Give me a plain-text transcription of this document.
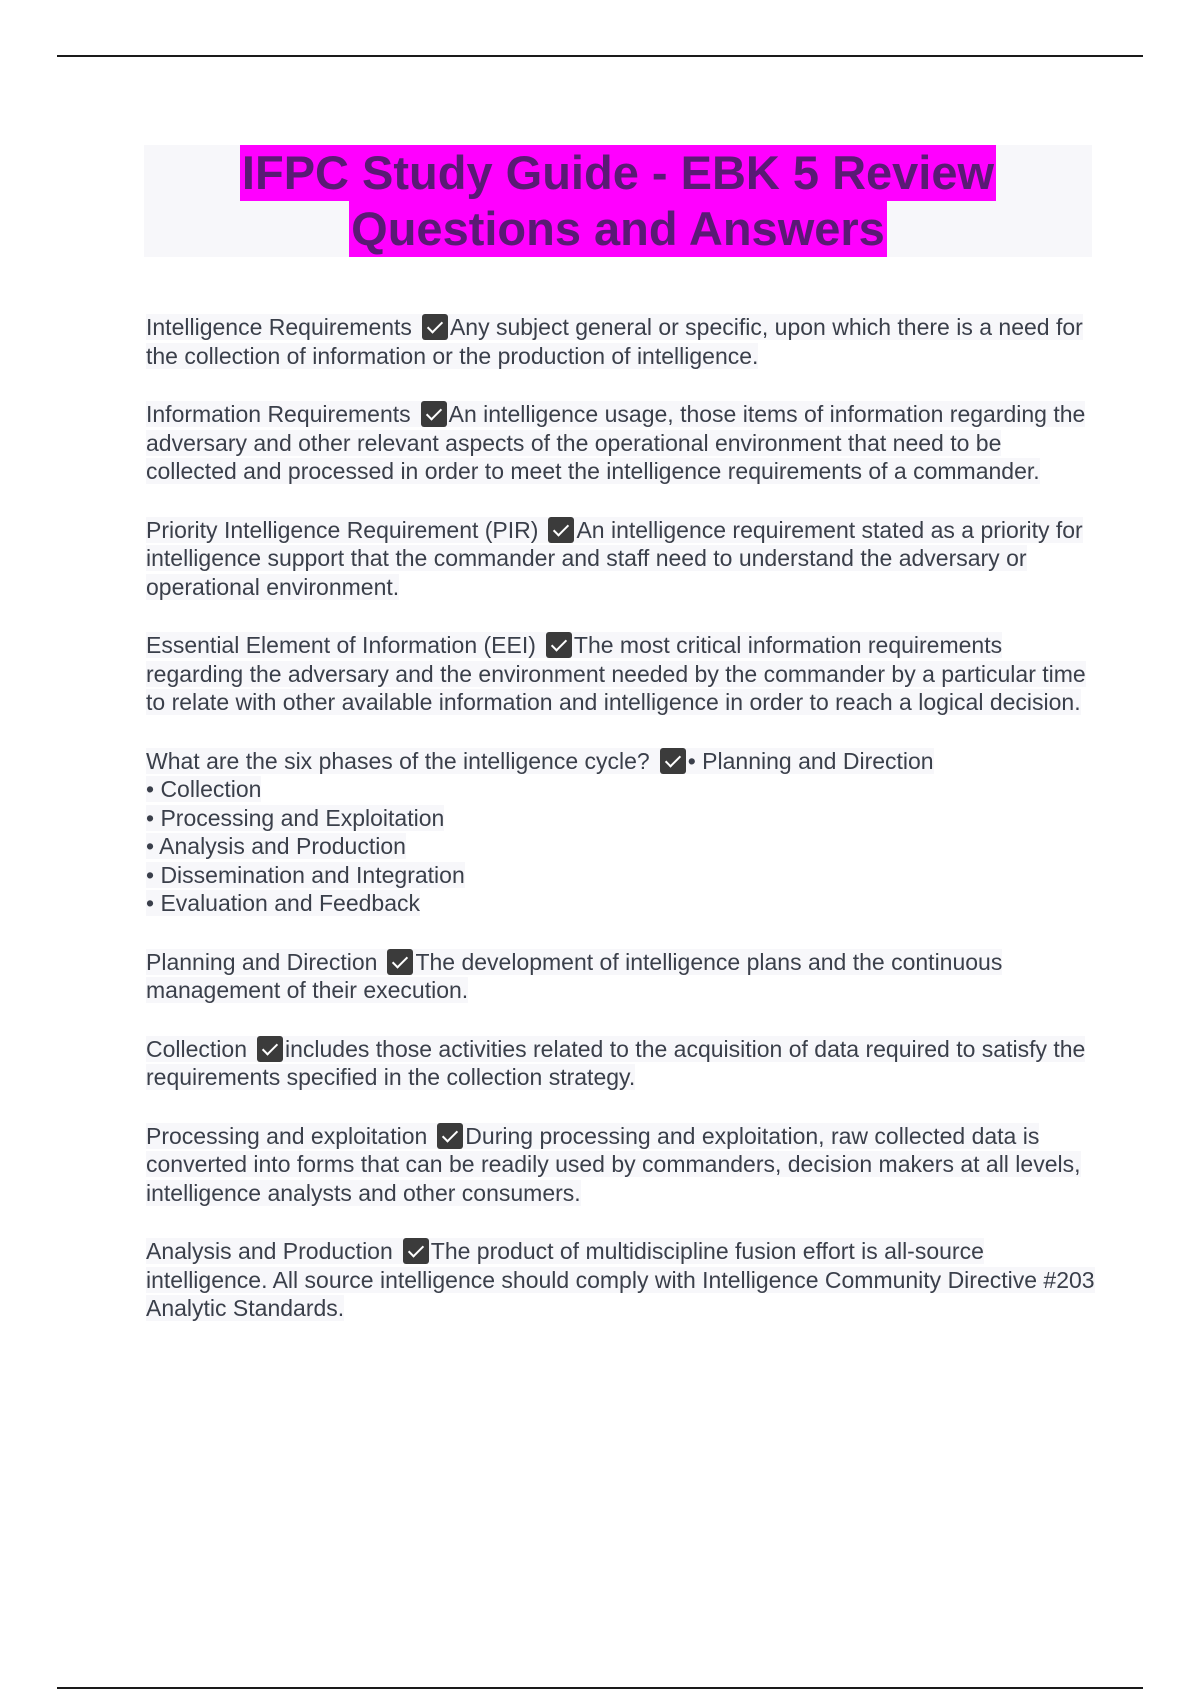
IFPC Study Guide - EBK 5 Review
Questions and Answers

Intelligence Requirements Any subject general or specific, upon which there is a need for the collection of information or the production of intelligence.

Information Requirements An intelligence usage, those items of information regarding the adversary and other relevant aspects of the operational environment that need to be collected and processed in order to meet the intelligence requirements of a commander.

Priority Intelligence Requirement (PIR) An intelligence requirement stated as a priority for intelligence support that the commander and staff need to understand the adversary or operational environment.

Essential Element of Information (EEI) The most critical information requirements regarding the adversary and the environment needed by the commander by a particular time to relate with other available information and intelligence in order to reach a logical decision.

What are the six phases of the intelligence cycle? • Planning and Direction
• Collection
• Processing and Exploitation
• Analysis and Production
• Dissemination and Integration
• Evaluation and Feedback

Planning and Direction The development of intelligence plans and the continuous management of their execution.

Collection includes those activities related to the acquisition of data required to satisfy the requirements specified in the collection strategy.

Processing and exploitation During processing and exploitation, raw collected data is converted into forms that can be readily used by commanders, decision makers at all levels, intelligence analysts and other consumers.

Analysis and Production The product of multidiscipline fusion effort is all-source intelligence. All source intelligence should comply with Intelligence Community Directive #203 Analytic Standards.
